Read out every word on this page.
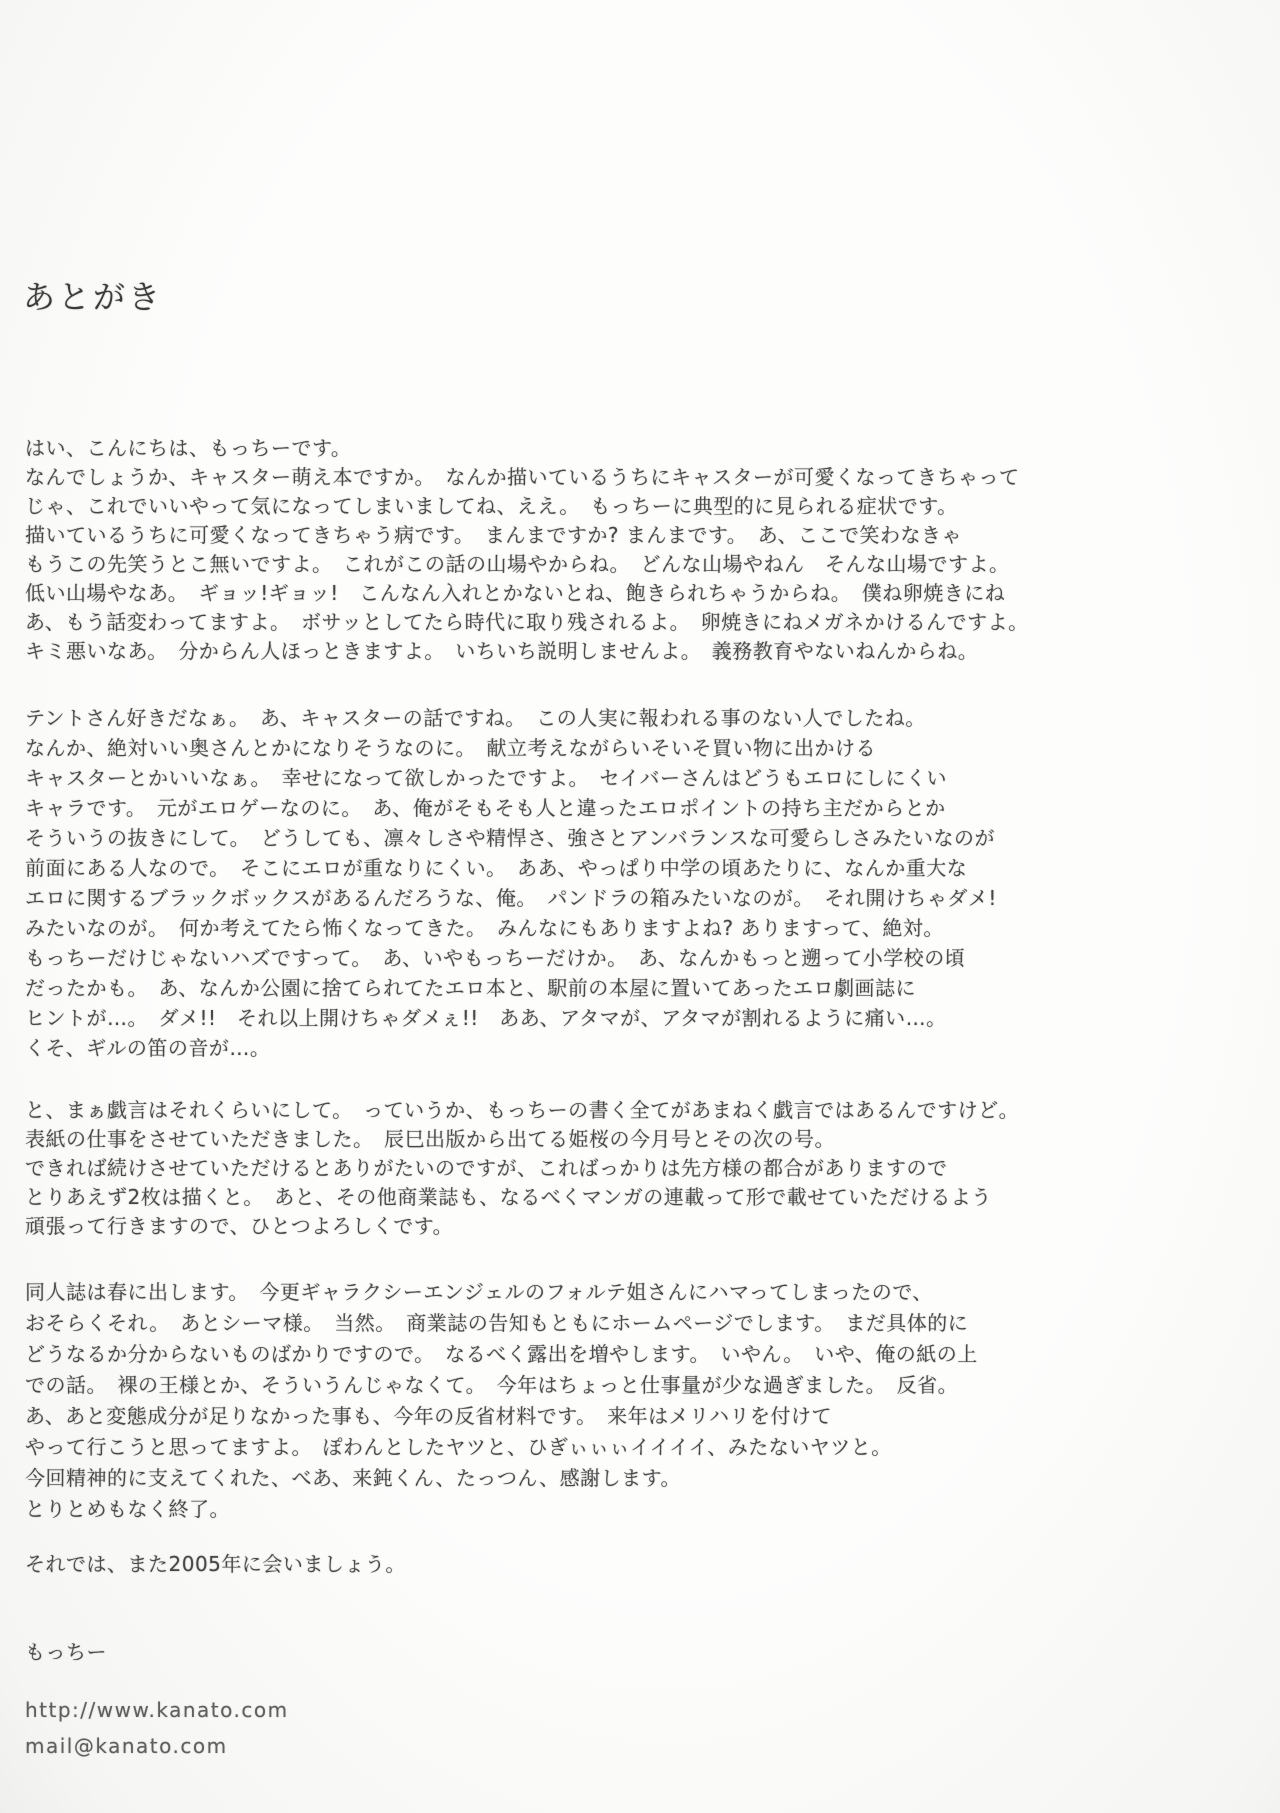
あとがき
はい、こんにちは、もっちーです。
なんでしょうか、キャスター萌え本ですか。　なんか描いているうちにキャスターが可愛くなってきちゃって
じゃ、これでいいやって気になってしまいましてね、ええ。　もっちーに典型的に見られる症状です。
描いているうちに可愛くなってきちゃう病です。　まんまですか? まんまです。　あ、ここで笑わなきゃ
もうこの先笑うとこ無いですよ。　これがこの話の山場やからね。　どんな山場やねん　そんな山場ですよ。
低い山場やなあ。　ギョッ!ギョッ!　こんなん入れとかないとね、飽きられちゃうからね。　僕ね卵焼きにね
あ、もう話変わってますよ。　ボサッとしてたら時代に取り残されるよ。　卵焼きにねメガネかけるんですよ。
キミ悪いなあ。　分からん人ほっときますよ。　いちいち説明しませんよ。　義務教育やないねんからね。
テントさん好きだなぁ。　あ、キャスターの話ですね。　この人実に報われる事のない人でしたね。
なんか、絶対いい奥さんとかになりそうなのに。　献立考えながらいそいそ買い物に出かける
キャスターとかいいなぁ。　幸せになって欲しかったですよ。　セイバーさんはどうもエロにしにくい
キャラです。　元がエロゲーなのに。　あ、俺がそもそも人と違ったエロポイントの持ち主だからとか
そういうの抜きにして。　どうしても、凛々しさや精悍さ、強さとアンバランスな可愛らしさみたいなのが
前面にある人なので。　そこにエロが重なりにくい。　ああ、やっぱり中学の頃あたりに、なんか重大な
エロに関するブラックボックスがあるんだろうな、俺。　パンドラの箱みたいなのが。　それ開けちゃダメ!
みたいなのが。　何か考えてたら怖くなってきた。　みんなにもありますよね? ありますって、絶対。
もっちーだけじゃないハズですって。　あ、いやもっちーだけか。　あ、なんかもっと遡って小学校の頃
だったかも。　あ、なんか公園に捨てられてたエロ本と、駅前の本屋に置いてあったエロ劇画誌に
ヒントが…。　ダメ!!　それ以上開けちゃダメぇ!!　ああ、アタマが、アタマが割れるように痛い…。
くそ、ギルの笛の音が…。
と、まぁ戯言はそれくらいにして。　っていうか、もっちーの書く全てがあまねく戯言ではあるんですけど。
表紙の仕事をさせていただきました。　辰巳出版から出てる姫桜の今月号とその次の号。
できれば続けさせていただけるとありがたいのですが、こればっかりは先方様の都合がありますので
とりあえず2枚は描くと。　あと、その他商業誌も、なるべくマンガの連載って形で載せていただけるよう
頑張って行きますので、ひとつよろしくです。
同人誌は春に出します。　今更ギャラクシーエンジェルのフォルテ姐さんにハマってしまったので、
おそらくそれ。　あとシーマ様。　当然。　商業誌の告知もともにホームページでします。　まだ具体的に
どうなるか分からないものばかりですので。　なるべく露出を増やします。　いやん。　いや、俺の紙の上
での話。　裸の王様とか、そういうんじゃなくて。　今年はちょっと仕事量が少な過ぎました。　反省。
あ、あと変態成分が足りなかった事も、今年の反省材料です。　来年はメリハリを付けて
やって行こうと思ってますよ。　ぽわんとしたヤツと、ひぎぃぃぃイイイイ、みたないヤツと。
今回精神的に支えてくれた、べあ、来鈍くん、たっつん、感謝します。
とりとめもなく終了。
それでは、また2005年に会いましょう。
もっちー
http://www.kanato.com
mail@kanato.com
